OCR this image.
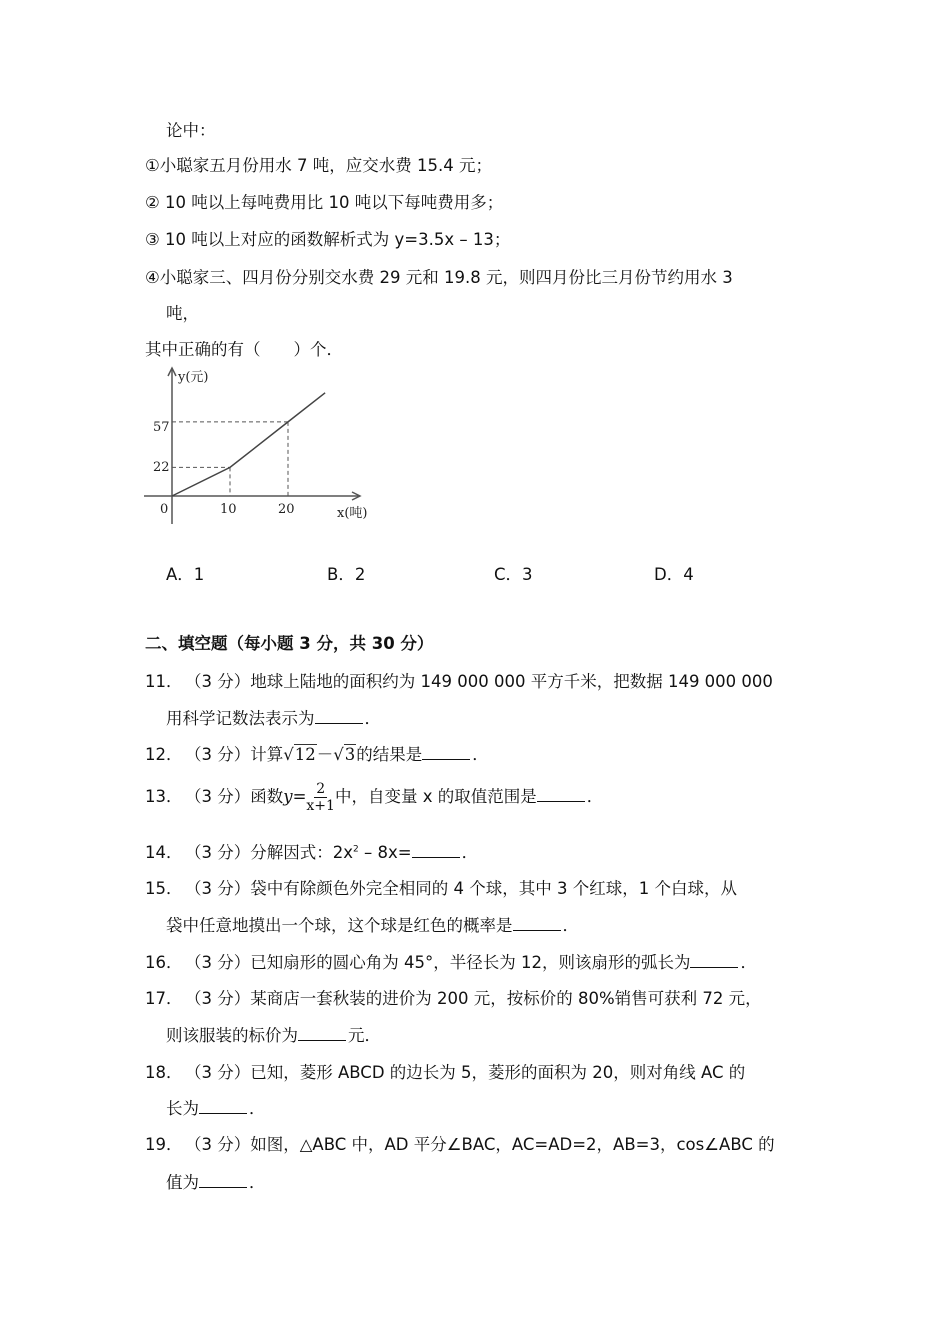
论中：
①小聪家五月份用水 7 吨，应交水费 15.4 元；
② 10 吨以上每吨费用比 10 吨以下每吨费用多；
③ 10 吨以上对应的函数解析式为 y=3.5x – 13；
④小聪家三、四月份分别交水费 29 元和 19.8 元，则四月份比三月份节约用水 3
吨，
其中正确的有（　　）个．
y(元)
x(吨)
0	10	20
22
57
A．1	B．2	C．3	D．4
二、填空题（每小题 3 分，共 30 分）
11． （3 分）地球上陆地的面积约为 149 000 000 平方千米，把数据 149 000 000
用科学记数法表示为	．
12． （3 分）计算√12－√3的结果是	．
13． （3 分）函数$y= \frac{2}{x+1}$ 中，自变量 x 的取值范围是	．
14． （3 分）分解因式：$2x^2 - 8x=$	．
15． （3 分）袋中有除颜色外完全相同的 4 个球，其中 3 个红球，1 个白球，从
袋中任意地摸出一个球，这个球是红色的概率是	．
16． （3 分）已知扇形的圆心角为 45°，半径长为 12，则该扇形的弧长为	．
17． （3 分）某商店一套秋装的进价为 200 元，按标价的 80%销售可获利 72 元，
则该服装的标价为	元．
18． （3 分）已知，菱形 ABCD 的边长为 5，菱形的面积为 20，则对角线 AC 的
长为	．
19． （3 分）如图，△ABC 中，AD 平分∠BAC，AC=AD=2，AB=3，cos∠ABC 的
值为	．
